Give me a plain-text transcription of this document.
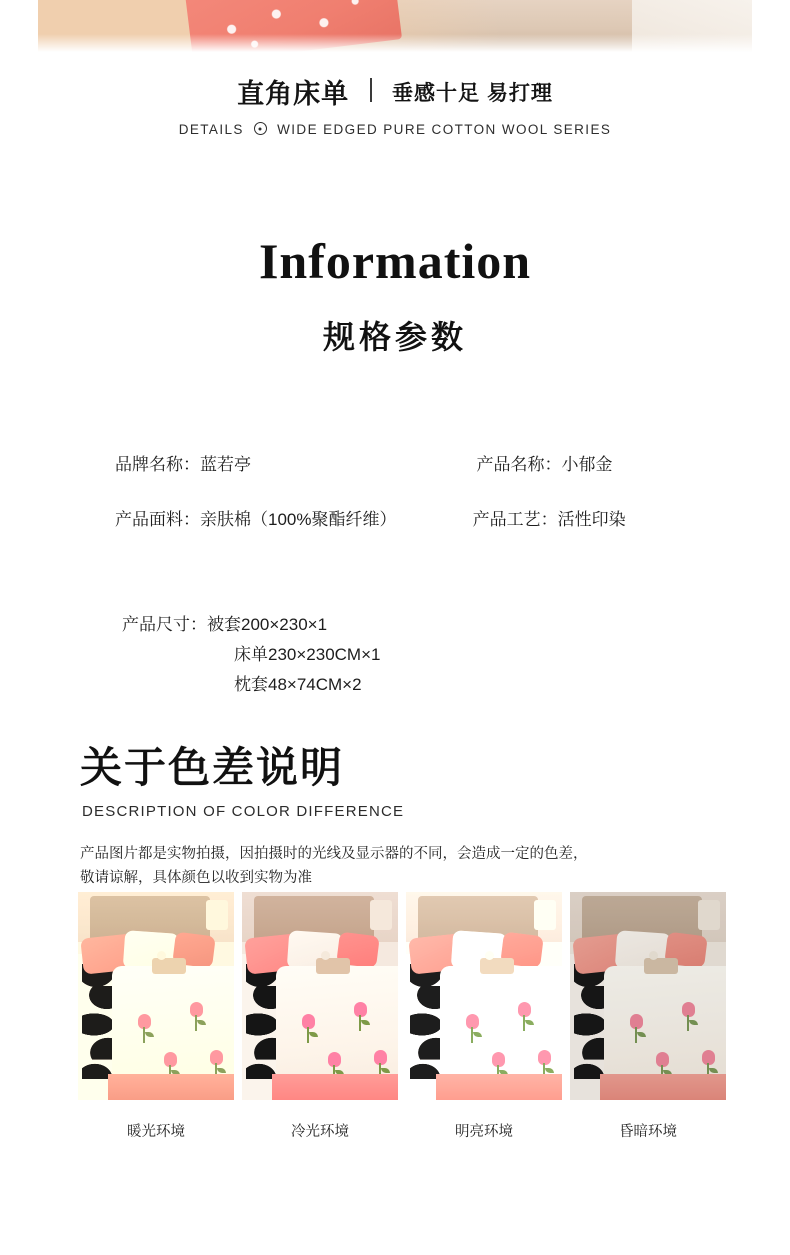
直角床单 垂感十足 易打理
DETAILS WIDE EDGED PURE COTTON WOOL SERIES
Information
规格参数
品牌名称：蓝若亭	产品名称：小郁金
产品面料：亲肤棉（100%聚酯纤维）	产品工艺：活性印染
产品尺寸：被套200×230×1
床单230×230CM×1
枕套48×74CM×2
关于色差说明
DESCRIPTION OF COLOR DIFFERENCE
产品图片都是实物拍摄，因拍摄时的光线及显示器的不同，会造成一定的色差，
敬请谅解，具体颜色以收到实物为准
暖光环境	冷光环境	明亮环境	昏暗环境
